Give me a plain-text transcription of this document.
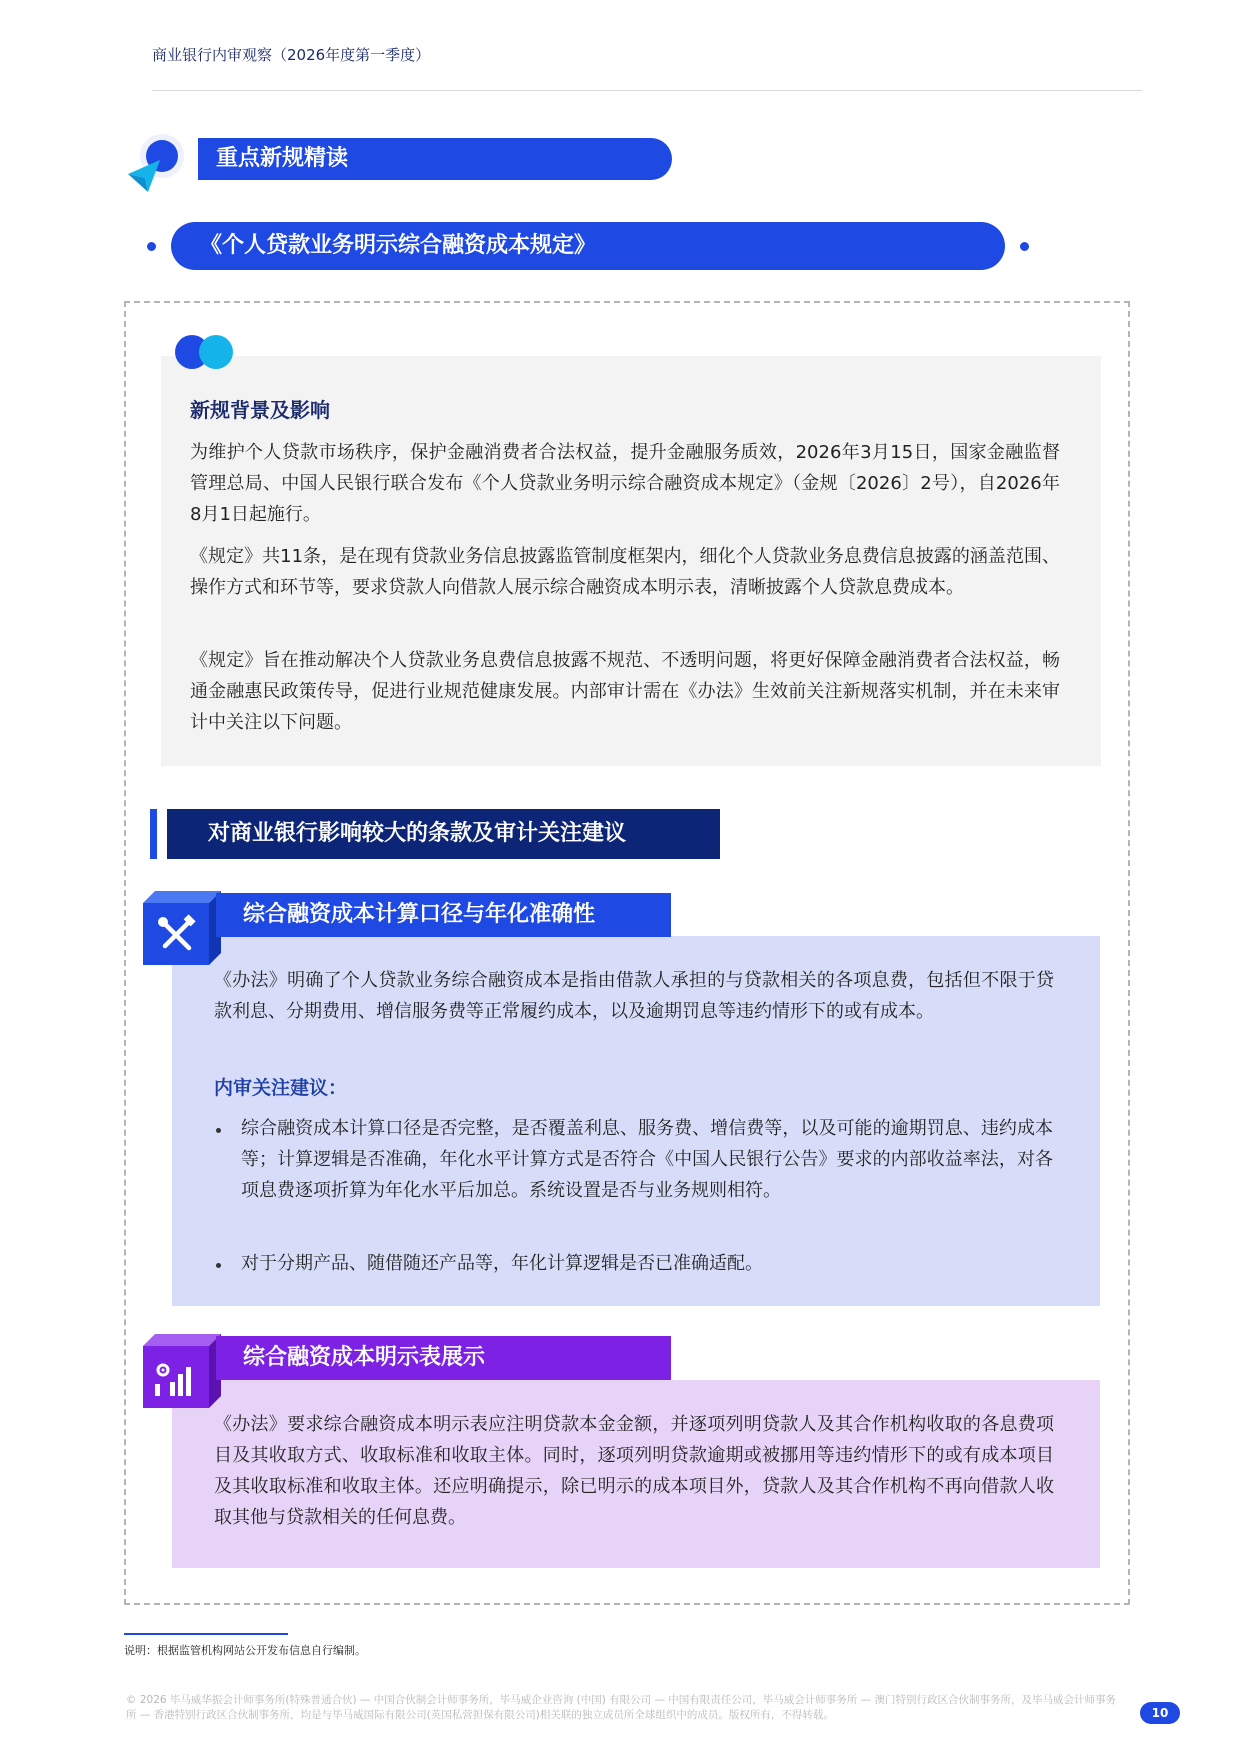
商业银行内审观察（2026年度第一季度）
重点新规精读
《个人贷款业务明示综合融资成本规定》
新规背景及影响
为维护个人贷款市场秩序，保护金融消费者合法权益，提升金融服务质效，2026年3月15日，国家金融监督管理总局、中国人民银行联合发布《个人贷款业务明示综合融资成本规定》（金规〔2026〕2号），自2026年8月1日起施行。
《规定》共11条，是在现有贷款业务信息披露监管制度框架内，细化个人贷款业务息费信息披露的涵盖范围、操作方式和环节等，要求贷款人向借款人展示综合融资成本明示表，清晰披露个人贷款息费成本。
《规定》旨在推动解决个人贷款业务息费信息披露不规范、不透明问题，将更好保障金融消费者合法权益，畅通金融惠民政策传导，促进行业规范健康发展。内部审计需在《办法》生效前关注新规落实机制，并在未来审计中关注以下问题。
对商业银行影响较大的条款及审计关注建议
综合融资成本计算口径与年化准确性
《办法》明确了个人贷款业务综合融资成本是指由借款人承担的与贷款相关的各项息费，包括但不限于贷款利息、分期费用、增信服务费等正常履约成本，以及逾期罚息等违约情形下的或有成本。
内审关注建议：
综合融资成本计算口径是否完整，是否覆盖利息、服务费、增信费等，以及可能的逾期罚息、违约成本等；计算逻辑是否准确，年化水平计算方式是否符合《中国人民银行公告》要求的内部收益率法，对各项息费逐项折算为年化水平后加总。系统设置是否与业务规则相符。
对于分期产品、随借随还产品等，年化计算逻辑是否已准确适配。
综合融资成本明示表展示
《办法》要求综合融资成本明示表应注明贷款本金金额，并逐项列明贷款人及其合作机构收取的各息费项目及其收取方式、收取标准和收取主体。同时，逐项列明贷款逾期或被挪用等违约情形下的或有成本项目及其收取标准和收取主体。还应明确提示，除已明示的成本项目外，贷款人及其合作机构不再向借款人收取其他与贷款相关的任何息费。
说明：根据监管机构网站公开发布信息自行编制。
© 2026 毕马威华振会计师事务所(特殊普通合伙) — 中国合伙制会计师事务所，毕马威企业咨询 (中国) 有限公司 — 中国有限责任公司，毕马威会计师事务所 — 澳门特别行政区合伙制事务所，及毕马威会计师事务所 — 香港特别行政区合伙制事务所，均是与毕马威国际有限公司(英国私营担保有限公司)相关联的独立成员所全球组织中的成员。版权所有，不得转载。	10
